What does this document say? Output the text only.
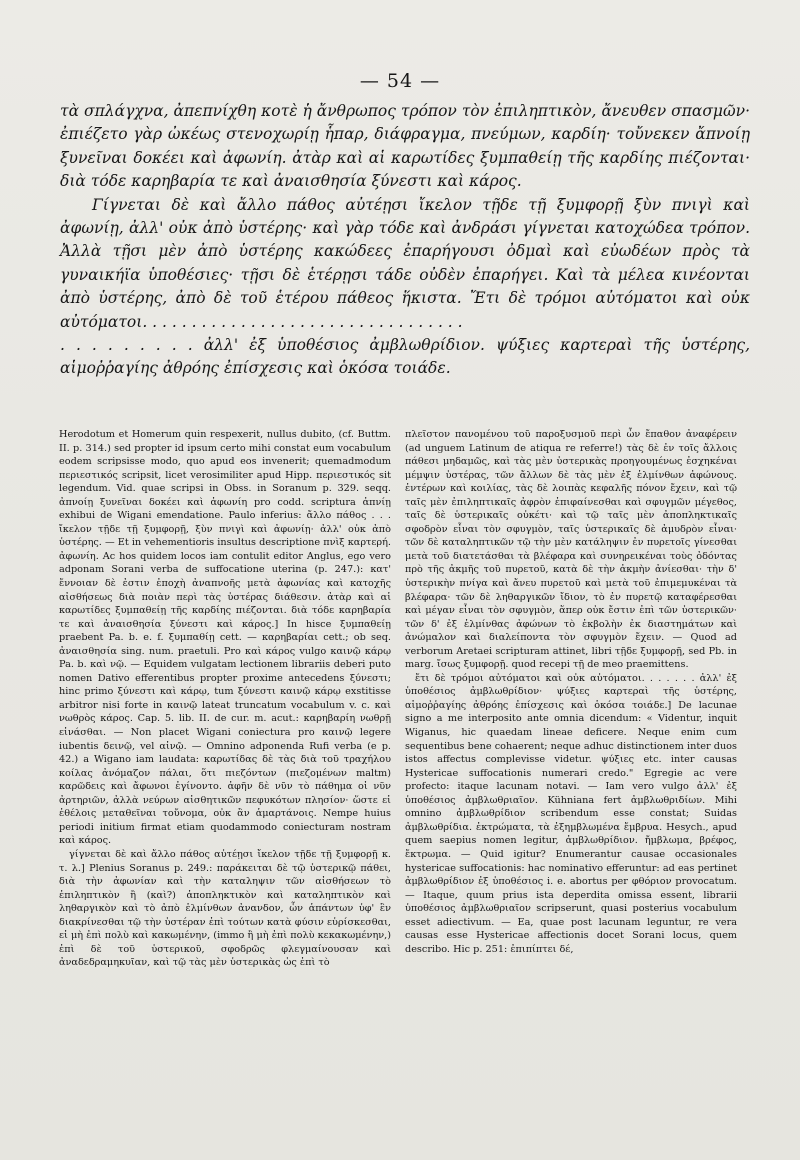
— 54 —

τὰ σπλάγχνα, ἀπεπνίχθη κοτὲ ἡ ἄνθρωπος τρόπον τὸν ἐπιληπτικὸν, ἄνευθεν σπασμῶν· ἐπιέζετο γὰρ ὠκέως στενοχωρίῃ ἧπαρ, διάφραγμα, πνεύμων, καρδίη· τοὔνεκεν ἄπνοίῃ ξυνεῖναι δοκέει καὶ ἀφωνίη. ἀτὰρ καὶ αἱ καρωτίδες ξυμπαθείῃ τῆς καρδίης πιέζονται· διὰ τόδε καρηβαρία τε καὶ ἀναισθησία ξύνεστι καὶ κάρος.

Γίγνεται δὲ καὶ ἄλλο πάθος αὐτέῃσι ἴκελον τῇδε τῇ ξυμφορῇ ξὺν πνιγὶ καὶ ἀφωνίῃ, ἀλλ' οὐκ ἀπὸ ὑστέρης· καὶ γὰρ τόδε καὶ ἀνδράσι γίγνεται κατοχώδεα τρόπον. Ἀλλὰ τῇσι μὲν ἀπὸ ὑστέρης κακώδεες ἐπαρήγουσι ὀδμαὶ καὶ εὐωδέων πρὸς τὰ γυναικήϊα ὑποθέσιες· τῇσι δὲ ἑτέρῃσι τάδε οὐδὲν ἐπαρήγει. Καὶ τὰ μέλεα κινέονται ἀπὸ ὑστέρης, ἀπὸ δὲ τοῦ ἑτέρου πάθεος ἥκιστα. Ἔτι δὲ τρόμοι αὐτόματοι καὶ οὐκ αὐτόματοι. . . . . . . . . . . . . . . . . . . . . . . . . . . . . . . . .

. . . . . . . . . ἀλλ' ἐξ ὑποθέσιος ἀμβλωθρίδιον. ψύξιες καρτεραὶ τῆς ὑστέρης, αἱμοῤῥαγίης ἀθρόης ἐπίσχεσις καὶ ὁκόσα τοιάδε.

Herodotum et Homerum quin respexerit, nullus dubito, (cf. Buttm. II. p. 314.) sed propter id ipsum certo mihi constat eum vocabulum eodem scripsisse modo, quo apud eos invenerit; quemadmodum περιεστικός scripsit, licet verosimiliter apud Hipp. περιεστικός sit legendum. Vid. quae scripsi in Obss. in Soranum p. 329. seqq. ἀπνοίῃ ξυνεῖναι δοκέει καὶ ἀφωνίη pro codd. scriptura ἀπνίῃ exhibui de Wigani emendatione. Paulo inferius: ἄλλο πάθος . . . ἴκελον τῇδε τῇ ξυμφορῇ, ξὺν πνιγὶ καὶ ἀφωνίῃ· ἀλλ' οὐκ ἀπὸ ὑστέρης. — Et in vehementioris insultus descriptione πνὶξ καρτερή. ἀφωνίη. Ac hos quidem locos iam contulit editor Anglus, ego vero adponam Sorani verba de suffocatione uterina (p. 247.): κατ' ἔννοιαν δὲ ἐστιν ἐποχὴ ἀναπνοῆς μετὰ ἀφωνίας καὶ κατοχῆς αἰσθήσεως διὰ ποιὰν περὶ τὰς ὑστέρας διάθεσιν. ἀτὰρ καὶ αἱ καρωτίδες ξυμπαθείῃ τῆς καρδίης πιέζονται. διὰ τόδε καρηβαρία τε καὶ ἀναισθησία ξύνεστι καὶ κάρος.] In hisce ξυμπαθείῃ praebent Pa. b. e. f. ξυμπαθίῃ cett. — καρηβαρίαι cett.; ob seq. ἀναισθησία sing. num. praetuli. Pro καὶ κάρος vulgo καινῷ κάρῳ Pa. b. καὶ νῷ. — Equidem vulgatam lectionem librariis deberi puto nomen Dativo efferentibus propter proxime antecedens ξύνεστι; hinc primo ξύνεστι καὶ κάρῳ, tum ξύνεστι καινῷ κάρῳ exstitisse arbitror nisi forte in καινῷ lateat truncatum vocabulum v. c. καὶ νωθρὸς κάρος. Cap. 5. lib. II. de cur. m. acut.: καρηβαρίη νωθρῇ εἰνάσθαι. — Non placet Wigani coniectura pro καινῷ legere iubentis δεινῷ, vel αἰνῷ. — Omnino adponenda Rufi verba (e p. 42.) a Wigano iam laudata: καρωτίδας δὲ τὰς διὰ τοῦ τραχήλου κοίλας ἀνόμαζον πάλαι, ὅτι πιεζόντων (πιεζομένων maltm) καρῶδεις καὶ ἄφωνοι ἐγίνοντο. ἀφῆν δὲ νῦν τὸ πάθημα οἱ νῦν ἀρτηριῶν, ἀλλὰ νεύρων αἰσθητικῶν πεφυκότων πλησίον· ὥστε εἰ ἐθέλοις μεταθεῖναι τοὔνομα, οὐκ ἂν ἁμαρτάνοις. Nempe huius periodi initium firmat etiam quodammodo coniecturam nostram καὶ κάρος.

γίγνεται δὲ καὶ ἄλλο πάθος αὐτέῃσι ἴκελον τῇδε τῇ ξυμφορῇ κ. τ. λ.] Plenius Soranus p. 249.: παράκειται δὲ τῷ ὑστερικῷ πάθει, διὰ τὴν ἀφωνίαν καὶ τὴν καταληψιν τῶν αἰσθήσεων τὸ ἐπιληπτικὸν ἢ (καὶ?) ἀποπληκτικὸν καὶ καταληπτικὸν καὶ ληθαργικὸν καὶ τὸ ἀπὸ ἑλμίνθων ἀνανδον, ὧν ἁπάντων ὑφ' ἓν διακρίνεσθαι τῷ τὴν ὑστέραν ἐπὶ τούτων κατὰ φύσιν εὑρίσκεσθαι, εἰ μὴ ἐπὶ πολὺ καὶ κακωμένην, (immo ἢ μὴ ἐπὶ πολὺ κεκακωμένην,) ἐπὶ δὲ τοῦ ὑστερικοῦ, σφοδρῶς φλεγμαίνουσαν καὶ ἀναδεδραμηκυῖαν, καὶ τῷ τὰς μὲν ὑστερικὰς ὡς ἐπὶ τὸ

πλεῖστον πανομένου τοῦ παροξυσμοῦ περὶ ὧν ἔπαθον ἀναφέρειν (ad unguem Latinum de atiqua re referre!) τὰς δὲ ἐν τοῖς ἄλλοις πάθεσι μηδαμῶς, καὶ τὰς μὲν ὑστερικὰς προηγουμένως ἐσχηκέναι μέμψιν ὑστέρας, τῶν ἄλλων δὲ τὰς μὲν ἐξ ἑλμίνθων ἀφώνους. ἐντέρων καὶ κοιλίας, τὰς δὲ λοιπὰς κεφαλῆς πόνον ἔχειν, καὶ τῷ ταῖς μὲν ἐπιληπτικαῖς ἀφρὸν ἐπιφαίνεσθαι καὶ σφυγμῶν μέγεθος, ταῖς δὲ ὑστερικαῖς οὐκέτι· καὶ τῷ ταῖς μὲν ἀποπληκτικαῖς σφοδρὸν εἶναι τὸν σφυγμὸν, ταῖς ὑστερικαῖς δὲ ἀμυδρὸν εἶναι· τῶν δὲ καταληπτικῶν τῷ τὴν μὲν κατάληψιν ἐν πυρετοῖς γίνεσθαι μετὰ τοῦ διατετάσθαι τὰ βλέφαρα καὶ συνηρεικέναι τοὺς ὀδόντας πρὸ τῆς ἀκμῆς τοῦ πυρετοῦ, κατὰ δὲ τὴν ἀκμὴν ἀνίεσθαι· τὴν δ' ὑστερικὴν πνίγα καὶ ἄνευ πυρετοῦ καὶ μετὰ τοῦ ἐπιμεμυκέναι τὰ βλέφαρα· τῶν δὲ ληθαργικῶν ἴδιον, τὸ ἐν πυρετῷ καταφέρεσθαι καὶ μέγαν εἶναι τὸν σφυγμὸν, ἅπερ οὐκ ἔστιν ἐπὶ τῶν ὑστερικῶν· τῶν δ' ἐξ ἑλμίνθας ἀφώνων τὸ ἐκβολὴν ἐκ διαστημάτων καὶ ἀνώμαλον καὶ διαλείποντα τὸν σφυγμὸν ἔχειν. — Quod ad verborum Aretaei scripturam attinet, libri τῇδε ξυμφορῇ, sed Pb. in marg. ἴσως ξυμφορῇ. quod recepi τῇ de meo praemittens.

ἔτι δὲ τρόμοι αὐτόματοι καὶ οὐκ αὐτόματοι. . . . . . . ἀλλ' ἐξ ὑποθέσιος ἀμβλωθρίδιον· ψύξιες καρτεραὶ τῆς ὑστέρης, αἱμοῤῥαγίης ἀθρόης ἐπίσχεσις καὶ ὁκόσα τοιάδε.] De lacunae signo a me interposito ante omnia dicendum: « Videntur, inquit Wiganus, hic quaedam lineae deficere. Neque enim cum sequentibus bene cohaerent; neque adhuc distinctionem inter duos istos affectus complevisse videtur. ψύξιες etc. inter causas Hystericae suffocationis numerari credo." Egregie ac vere profecto: itaque lacunam notavi. — Iam vero vulgo ἀλλ' ἐξ ὑποθέσιος ἀμβλωθριαῖον. Kühniana fert ἀμβλωθριδίων. Mihi omnino ἀμβλωθρίδιον scribendum esse constat; Suidas ἀμβλωθρίδια. ἐκτρώματα, τὰ ἐξημβλωμένα ἔμβρυα. Hesych., apud quem saepius nomen legitur, ἀμβλωθρίδιον. ἤμβλωμα, βρέφος, ἔκτρωμα. — Quid igitur? Enumerantur causae occasionales hystericae suffocationis: hac nominativo efferuntur: ad eas pertinet ἀμβλωθρίδιον ἐξ ὑποθέσιος i. e. abortus per φθόριον provocatum. — Itaque, quum prius ista deperdita omissa essent, librarii ὑποθέσιος ἀμβλωθριαῖον scripserunt, quasi posterius vocabulum esset adiectivum. — Ea, quae post lacunam leguntur, re vera causas esse Hystericae affectionis docet Sorani locus, quem describo. Hic p. 251: ἐπιπίπτει δέ,
